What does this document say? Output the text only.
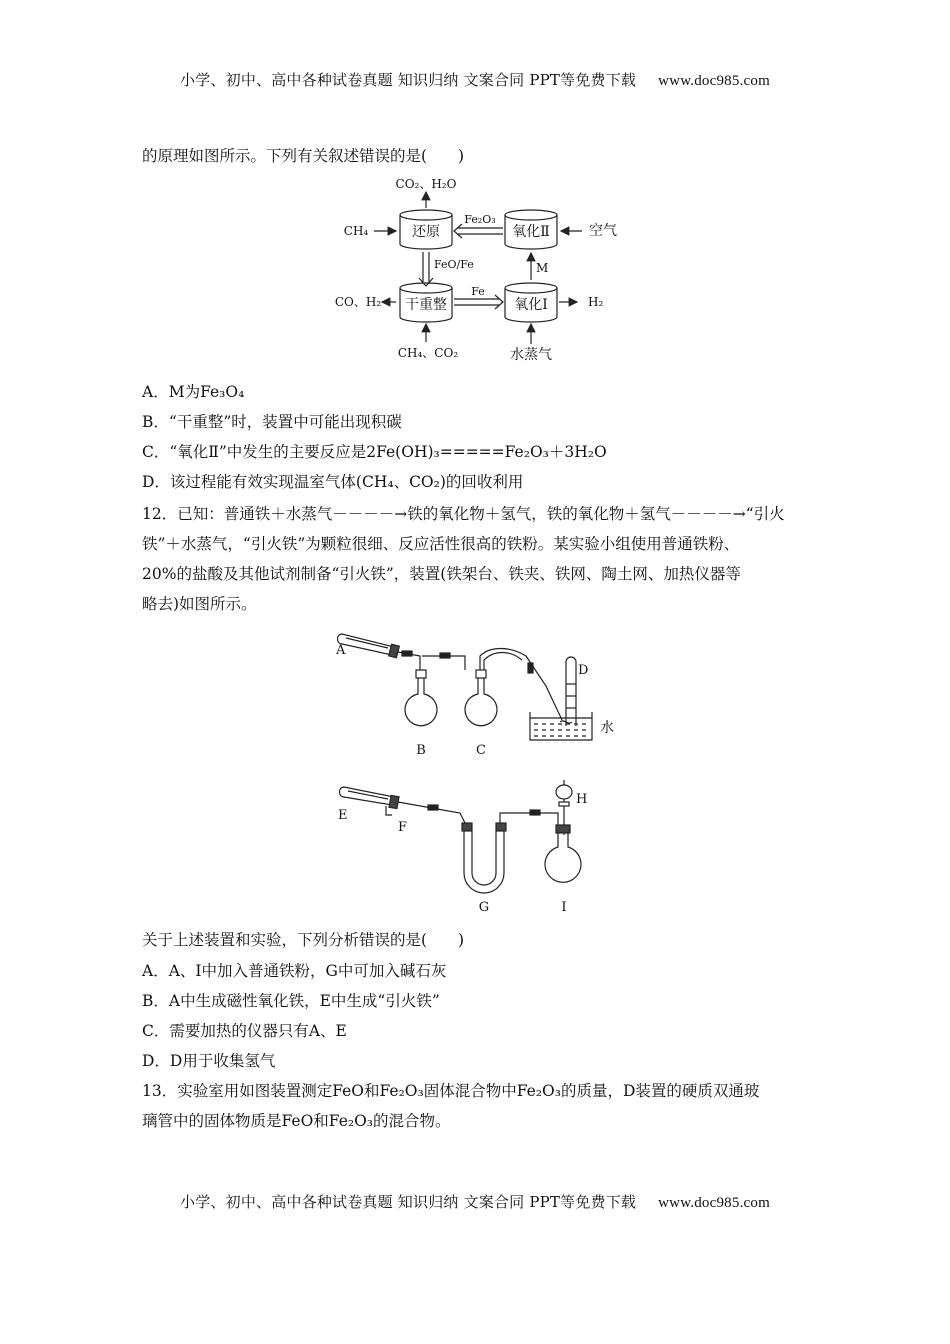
小学、初中、高中各种试卷真题 知识归纳 文案合同 PPT等免费下载 www.doc985.com
的原理如图所示。下列有关叙述错误的是(　　)
还原	氧化Ⅱ
干重整	氧化Ⅰ
CO₂、H₂O
CH₄
Fe₂O₃
空气
FeO/Fe	M
CO、H₂
Fe
H₂
CH₄、CO₂	水蒸气
A．M为Fe₃O₄
B．“干重整”时，装置中可能出现积碳
C．“氧化Ⅱ”中发生的主要反应是2Fe(OH)₃=====Fe₂O₃＋3H₂O
D．该过程能有效实现温室气体(CH₄、CO₂)的回收利用
12．已知：普通铁＋水蒸气－－－－→铁的氧化物＋氢气，铁的氧化物＋氢气－－－－→“引火
铁”＋水蒸气，“引火铁”为颗粒很细、反应活性很高的铁粉。某实验小组使用普通铁粉、
20%的盐酸及其他试剂制备“引火铁”，装置(铁架台、铁夹、铁网、陶土网、加热仪器等
略去)如图所示。
A
B	C
D
水
E
F
G
H
I
关于上述装置和实验，下列分析错误的是(　　)
A．A、I中加入普通铁粉，G中可加入碱石灰
B．A中生成磁性氧化铁，E中生成“引火铁”
C．需要加热的仪器只有A、E
D．D用于收集氢气
13．实验室用如图装置测定FeO和Fe₂O₃固体混合物中Fe₂O₃的质量，D装置的硬质双通玻
璃管中的固体物质是FeO和Fe₂O₃的混合物。
小学、初中、高中各种试卷真题 知识归纳 文案合同 PPT等免费下载 www.doc985.com
